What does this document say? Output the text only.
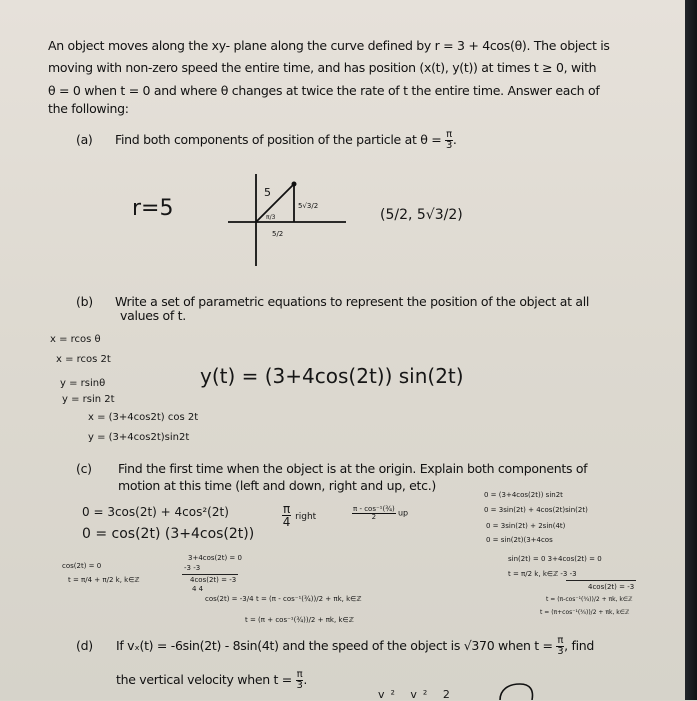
An object moves along the xy- plane along the curve defined by r = 3 + 4cos(θ). The object is
moving with non-zero speed the entire time, and has position (x(t), y(t)) at times t ≥ 0, with
θ = 0 when t = 0 and where θ changes at twice the rate of t the entire time. Answer each of
the following:
(a) Find both components of position of the particle at $\theta = \frac{\pi}{3}$ .
r=5
5
π/3
5√3/2
5/2
(5/2, 5√3/2)
(b) Write a set of parametric equations to represent the position of the object at all
values of t.
x = rcos θ
x = rcos 2t
y = rsinθ
y = rsin 2t
x = (3+4cos2t) cos 2t
y = (3+4cos2t)sin2t
y(t) = (3+4cos(2t)) sin(2t)
(c) Find the first time when the object is at the origin. Explain both components of
motion at this time (left and down, right and up, etc.)
0 = 3cos(2t) + 4cos²(2t)
0 = cos(2t) (3+4cos(2t))
$\frac{\pi}{4}$ right	$\frac{\text{π - cos⁻¹(¾)}}{2}$ up
cos(2t) = 0
t = π/4 + π/2 k, k∈ℤ
3+4cos(2t) = 0
-3 -3
4cos(2t) = -3
4 4
cos(2t) = -3/4 t = (π - cos⁻¹(¾))/2 + πk, k∈ℤ
t = (π + cos⁻¹(¾))/2 + πk, k∈ℤ
0 = (3+4cos(2t)) sin2t
0 = 3sin(2t) + 4cos(2t)sin(2t)
0 = 3sin(2t) + 2sin(4t)
0 = sin(2t)(3+4cos
sin(2t) = 0 3+4cos(2t) = 0
t = π/2 k, k∈ℤ -3 -3
4cos(2t) = -3
t = (π-cos⁻¹(¾))/2 + πk, k∈ℤ
t = (π+cos⁻¹(¾))/2 + πk, k∈ℤ
(d) If vₓ(t) = -6sin(2t) - 8sin(4t) and the speed of the object is √370 when $t = \frac{\pi}{3}$ , find
the vertical velocity when $t = \frac{\pi}{3}$ .
v² v² 2
